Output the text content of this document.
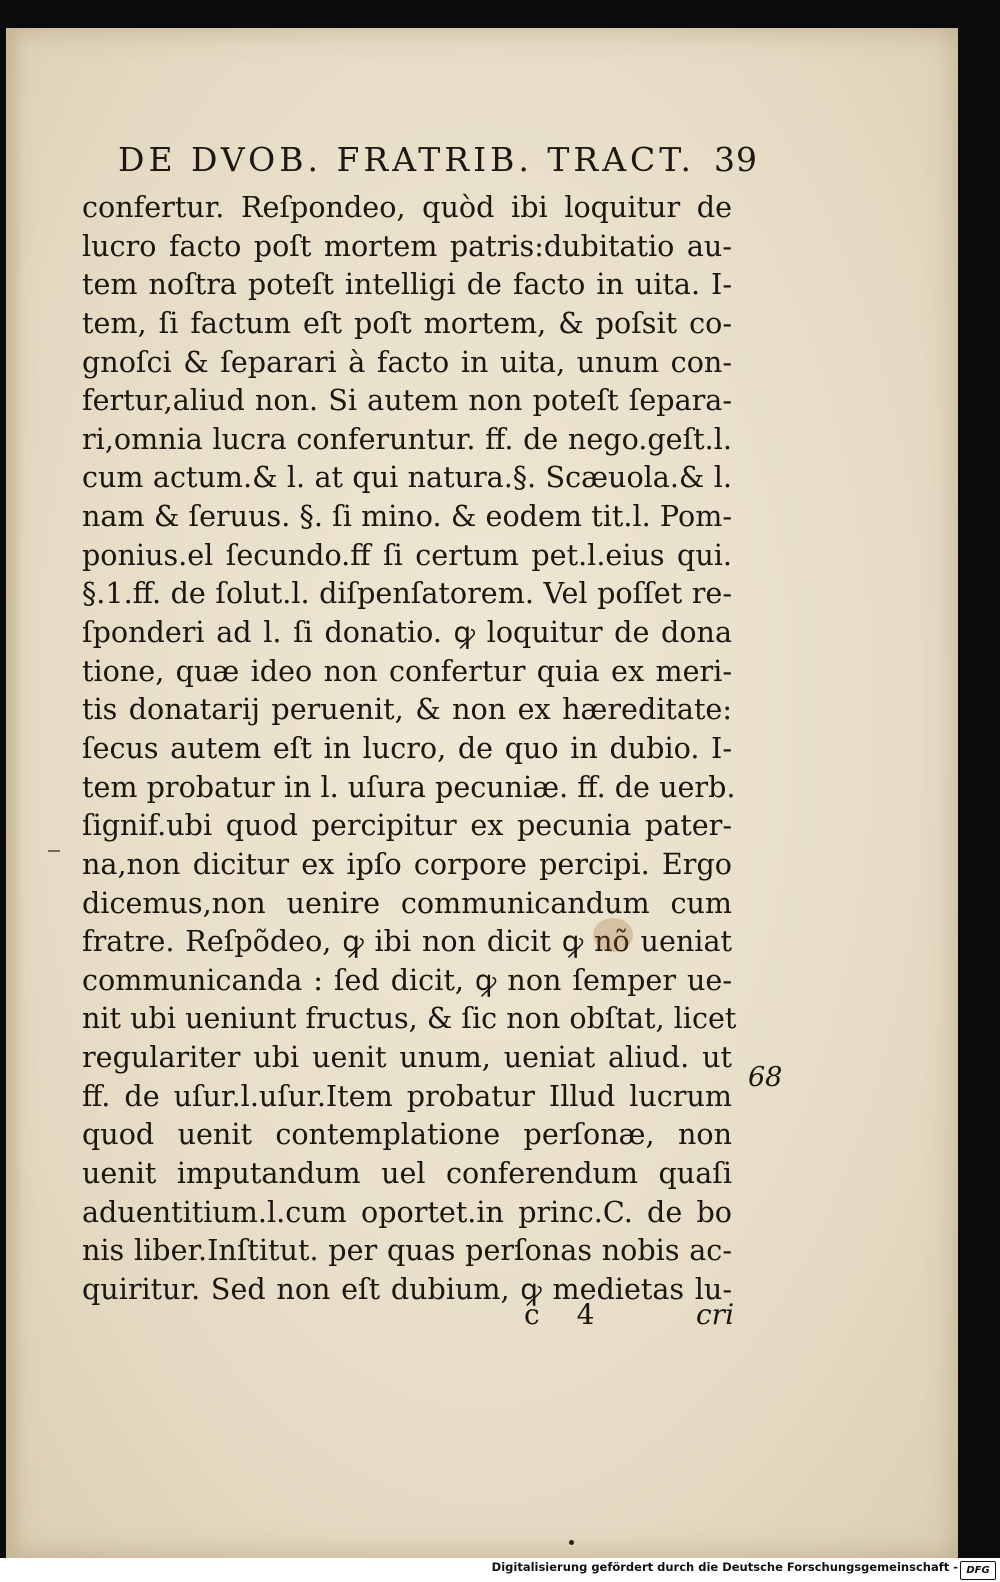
DE DVOB. FRATRIB. TRACT. 39
confertur. Reſpondeo, quòd ibi loquitur de
lucro facto poſt mortem patris:dubitatio au-
tem noſtra poteſt intelligi de facto in uita. I-
tem, ſi factum eſt poſt mortem, & poſsit co-
gnoſci & ſeparari à facto in uita, unum con-
fertur,aliud non. Si autem non poteſt ſepara-
ri,omnia lucra conferuntur. ff. de nego.geſt.l.
cum actum.& l. at qui natura.§. Scæuola.& l.
nam & ſeruus. §. ſi mino. & eodem tit.l. Pom-
ponius.el ſecundo.ff ſi certum pet.l.eius qui.
§.1.ff. de ſolut.l. diſpenſatorem. Vel poſſet re-
ſponderi ad l. ſi donatio. ꝙ loquitur de dona
tione, quæ ideo non confertur quia ex meri-
tis donatarij peruenit, & non ex hæreditate:
ſecus autem eſt in lucro, de quo in dubio. I-
tem probatur in l. uſura pecuniæ. ff. de uerb.
ſignif.ubi quod percipitur ex pecunia pater-
na,non dicitur ex ipſo corpore percipi. Ergo
dicemus,non uenire communicandum cum
fratre. Reſpõdeo, ꝙ ibi non dicit ꝙ nõ ueniat
communicanda : ſed dicit, ꝙ non ſemper ue-
nit ubi ueniunt fructus, & ſic non obſtat, licet
regulariter ubi uenit unum, ueniat aliud. ut
ff. de uſur.l.uſur.Item probatur Illud lucrum
quod uenit contemplatione perſonæ, non
uenit imputandum uel conferendum quaſi
aduentitium.l.cum oportet.in princ.C. de bo
nis liber.Inſtitut. per quas perſonas nobis ac-
quiritur. Sed non eſt dubium, ꝙ medietas lu-
68
c 4	cri
Digitalisierung gefördert durch die Deutsche Forschungsgemeinschaft - DFG
